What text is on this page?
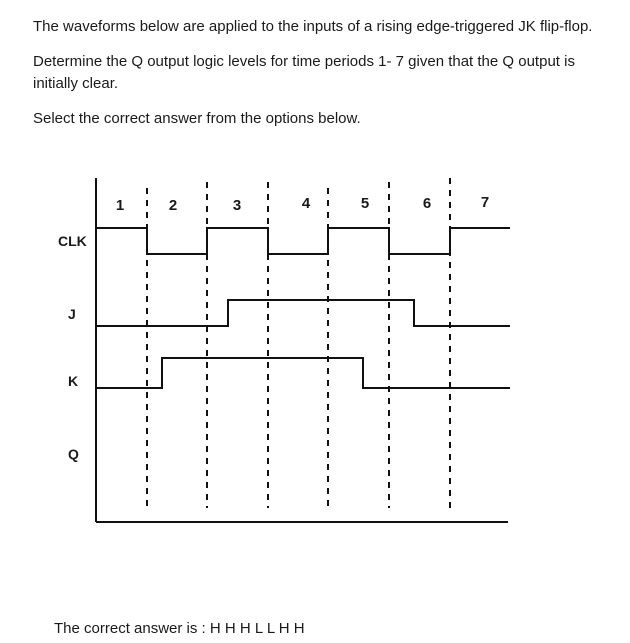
The waveforms below are applied to the inputs of a rising edge-triggered JK flip-flop.

Determine the Q output logic levels for time periods 1- 7 given that the Q output is initially clear.

Select the correct answer from the options below.

1	2	3	4	5	6	7
CLK
J
K
Q

The correct answer is : H H H L L H H
